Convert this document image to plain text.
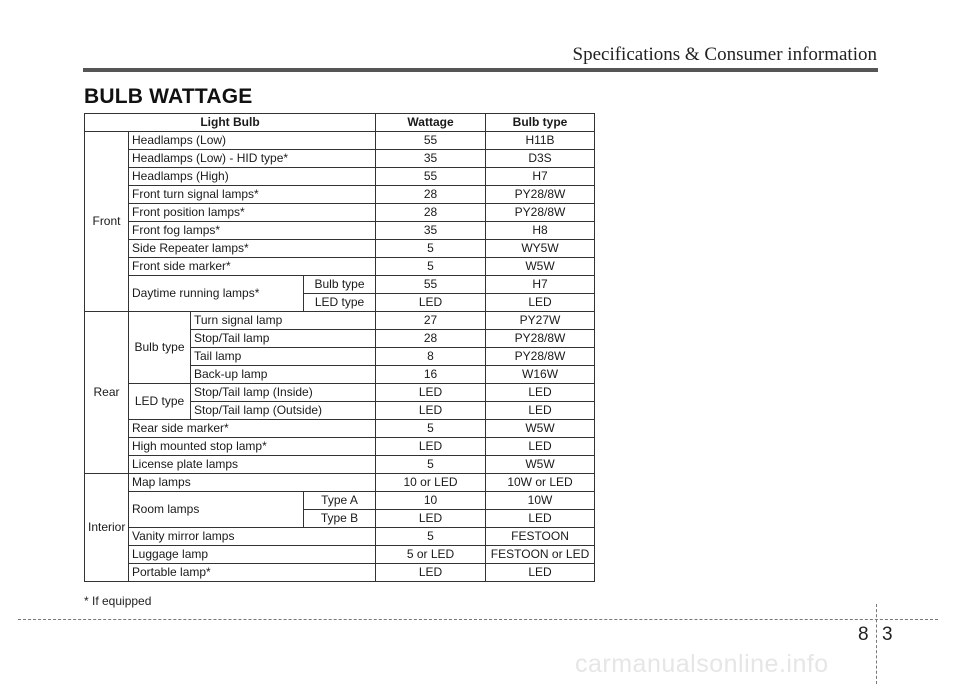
Specifications & Consumer information
BULB WATTAGE
Light Bulb				Wattage	Bulb type
Front	Headlamps (Low)			55	H11B
	Headlamps (Low) - HID type*			35	D3S
	Headlamps (High)			55	H7
	Front turn signal lamps*			28	PY28/8W
	Front position lamps*			28	PY28/8W
	Front fog lamps*			35	H8
	Side Repeater lamps*			5	WY5W
	Front side marker*			5	W5W
	Daytime running lamps*		Bulb type	55	H7
			LED type	LED	LED
Rear	Bulb type	Turn signal lamp		27	PY27W
		Stop/Tail lamp		28	PY28/8W
		Tail lamp		8	PY28/8W
		Back-up lamp		16	W16W
	LED type	Stop/Tail lamp (Inside)		LED	LED
		Stop/Tail lamp (Outside)		LED	LED
	Rear side marker*			5	W5W
	High mounted stop lamp*			LED	LED
	License plate lamps			5	W5W
Interior	Map lamps			10 or LED	10W or LED
	Room lamps		Type A	10	10W
			Type B	LED	LED
	Vanity mirror lamps			5	FESTOON
	Luggage lamp			5 or LED	FESTOON or LED
	Portable lamp*			LED	LED
* If equipped
8 3
carmanualsonline.info
